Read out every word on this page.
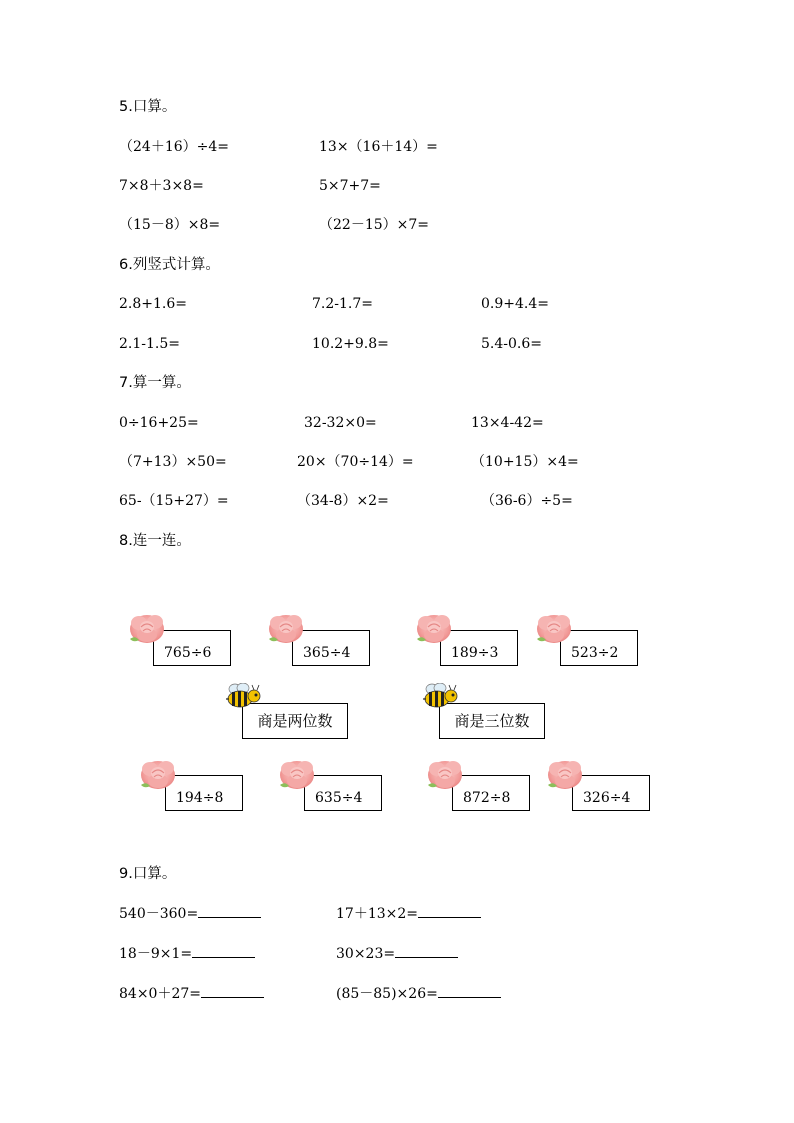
5.口算。
（24＋16）÷4=	13×（16＋14）=
7×8＋3×8=	5×7+7=
（15－8）×8=	（22－15）×7=
6.列竖式计算。
2.8+1.6=	7.2-1.7=	0.9+4.4=
2.1-1.5=	10.2+9.8=	5.4-0.6=
7.算一算。
0÷16+25=	32-32×0=	13×4-42=
（7+13）×50=	20×（70÷14）=	（10+15）×4=
65-（15+27）=	（34-8）×2=	（36-6）÷5=
8.连一连。
765÷6	365÷4	189÷3	523÷2
商是两位数	商是三位数
194÷8	635÷4	872÷8	326÷4
9.口算。
540－360=	17＋13×2=
18－9×1=	30×23=
84×0＋27=	(85－85)×26=
